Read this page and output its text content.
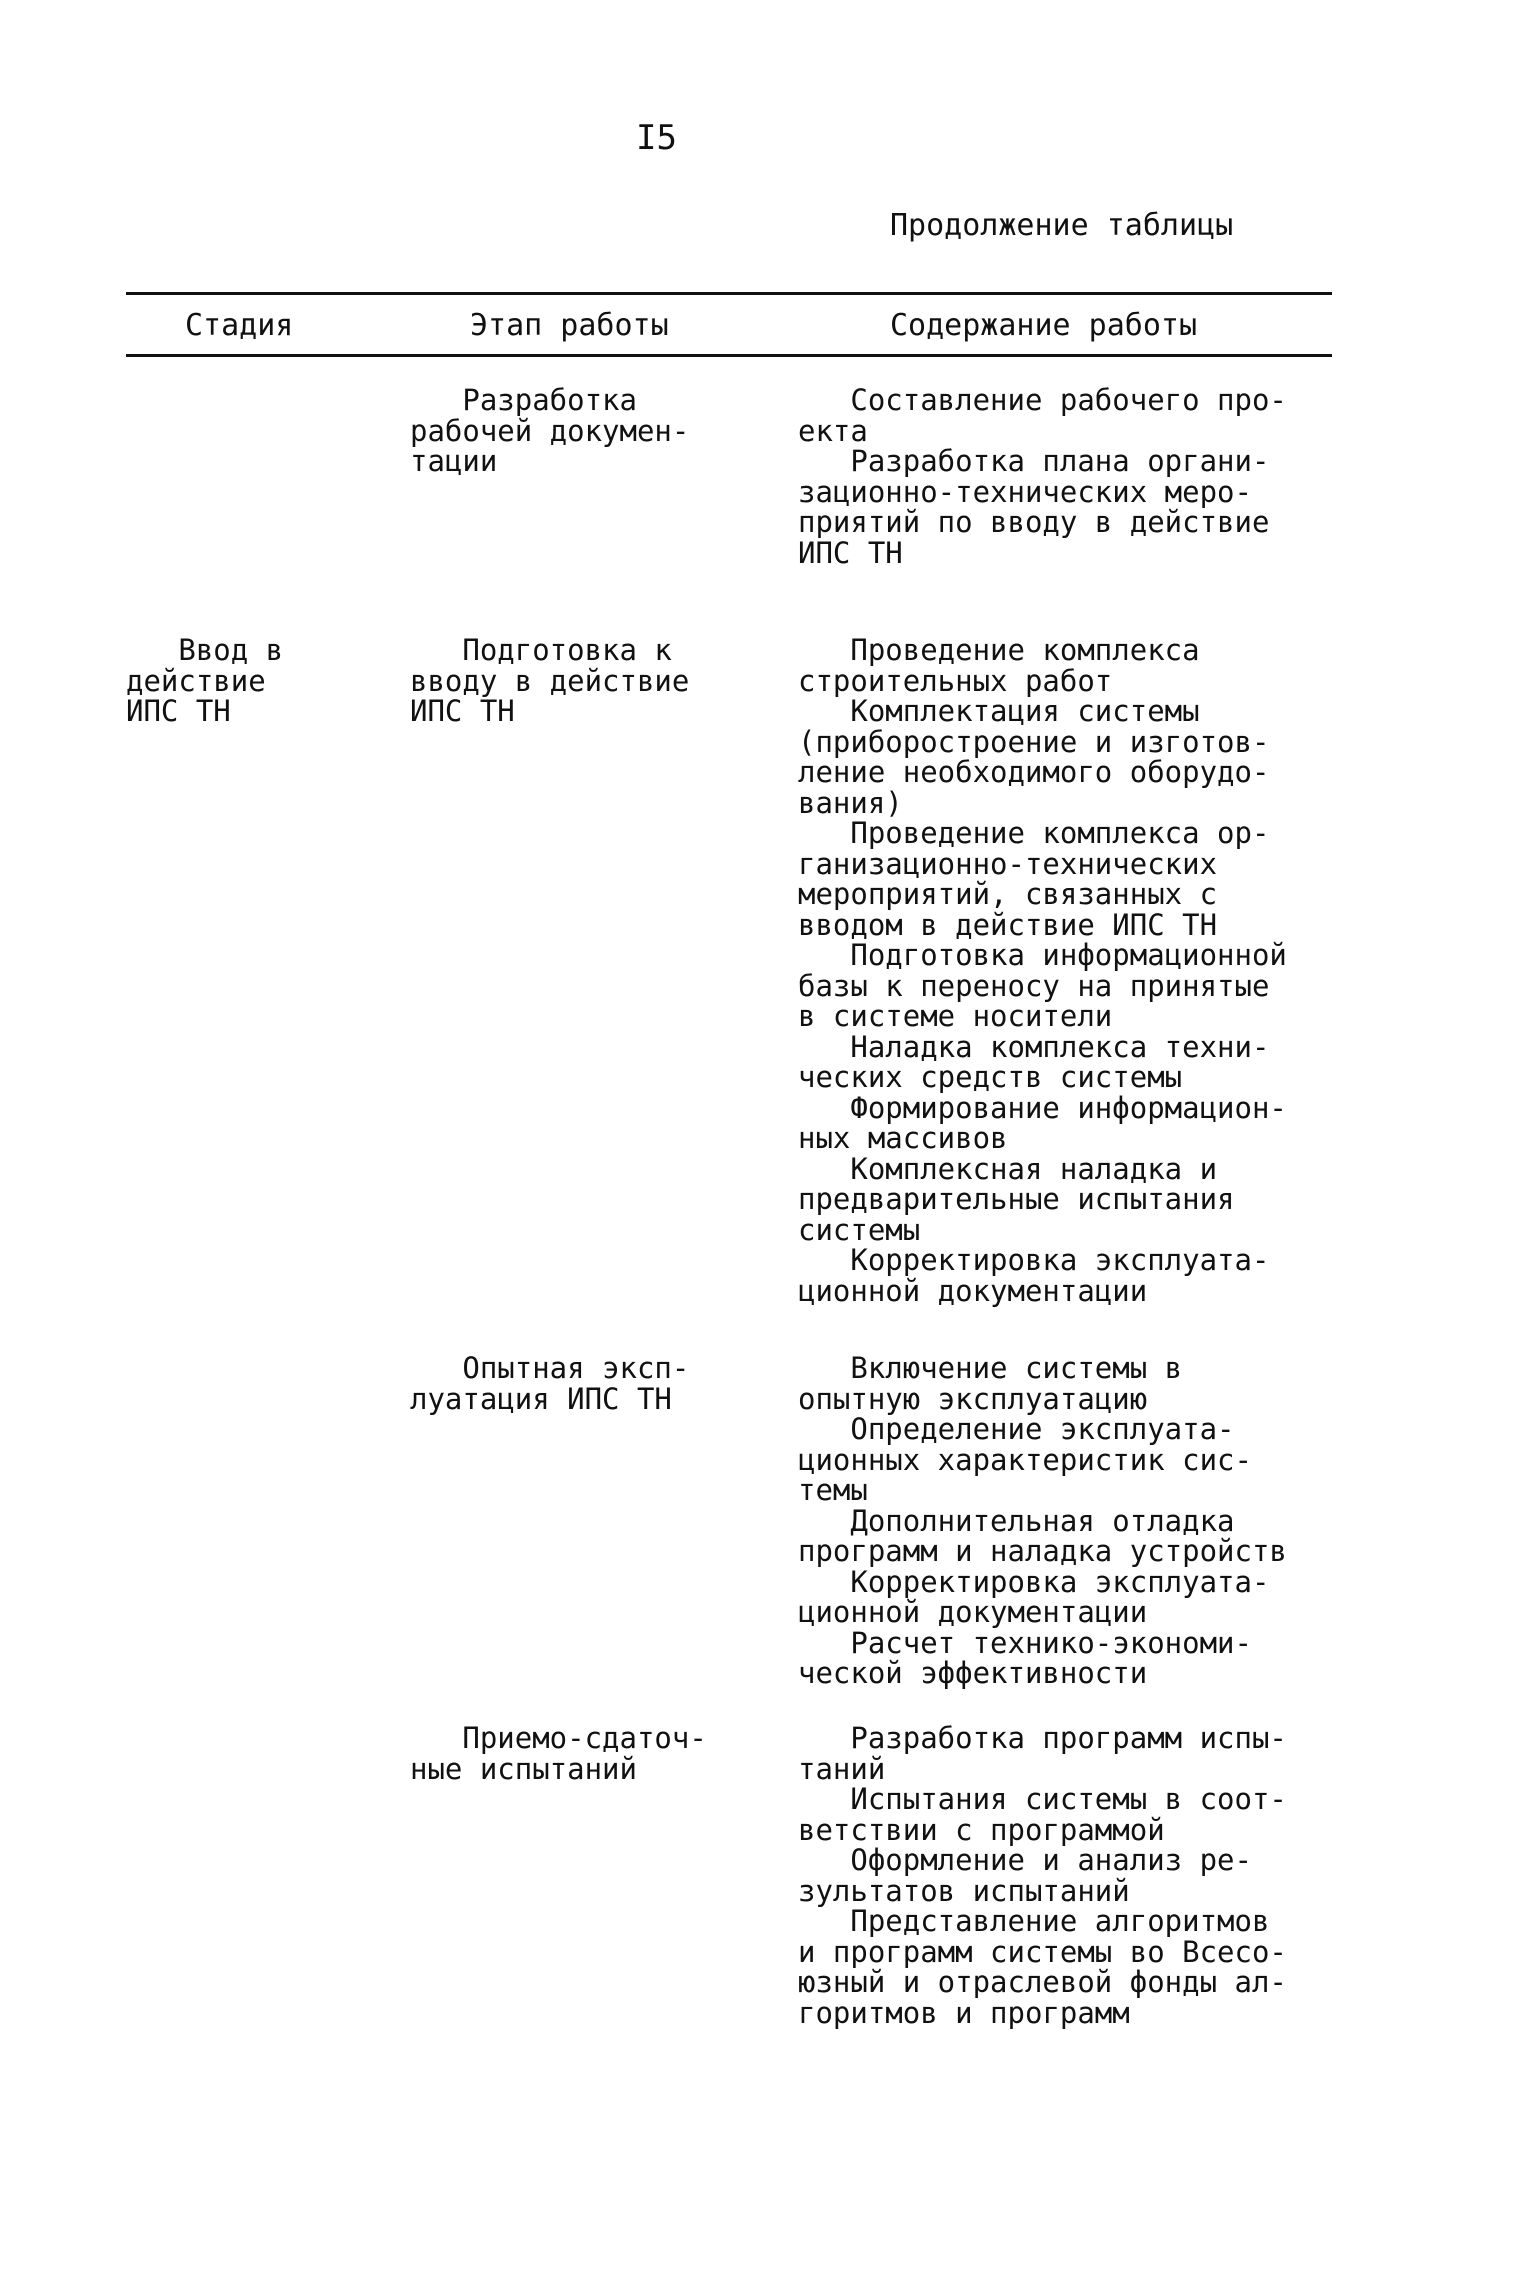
I5
Продолжение таблицы
Стадия	Этап работы	Содержание работы
Разработка
рабочей докумен-
тации
Составление рабочего про-
екта
Разработка плана органи-
зационно-технических меро-
приятий по вводу в действие
ИПС ТН
Ввод в
действие
ИПС ТН
Подготовка к
вводу в действие
ИПС ТН
Проведение комплекса
строительных работ
Комплектация системы
(приборостроение и изготов-
ление необходимого оборудо-
вания)
Проведение комплекса ор-
ганизационно-технических
мероприятий, связанных с
вводом в действие ИПС ТН
Подготовка информационной
базы к переносу на принятые
в системе носители
Наладка комплекса техни-
ческих средств системы
Формирование информацион-
ных массивов
Комплексная наладка и
предварительные испытания
системы
Корректировка эксплуата-
ционной документации
Опытная эксп-
луатация ИПС ТН
Включение системы в
опытную эксплуатацию
Определение эксплуата-
ционных характеристик сис-
темы
Дополнительная отладка
программ и наладка устройств
Корректировка эксплуата-
ционной документации
Расчет технико-экономи-
ческой эффективности
Приемо-сдаточ-
ные испытаний
Разработка программ испы-
таний
Испытания системы в соот-
ветствии с программой
Оформление и анализ ре-
зультатов испытаний
Представление алгоритмов
и программ системы во Всесо-
юзный и отраслевой фонды ал-
горитмов и программ
